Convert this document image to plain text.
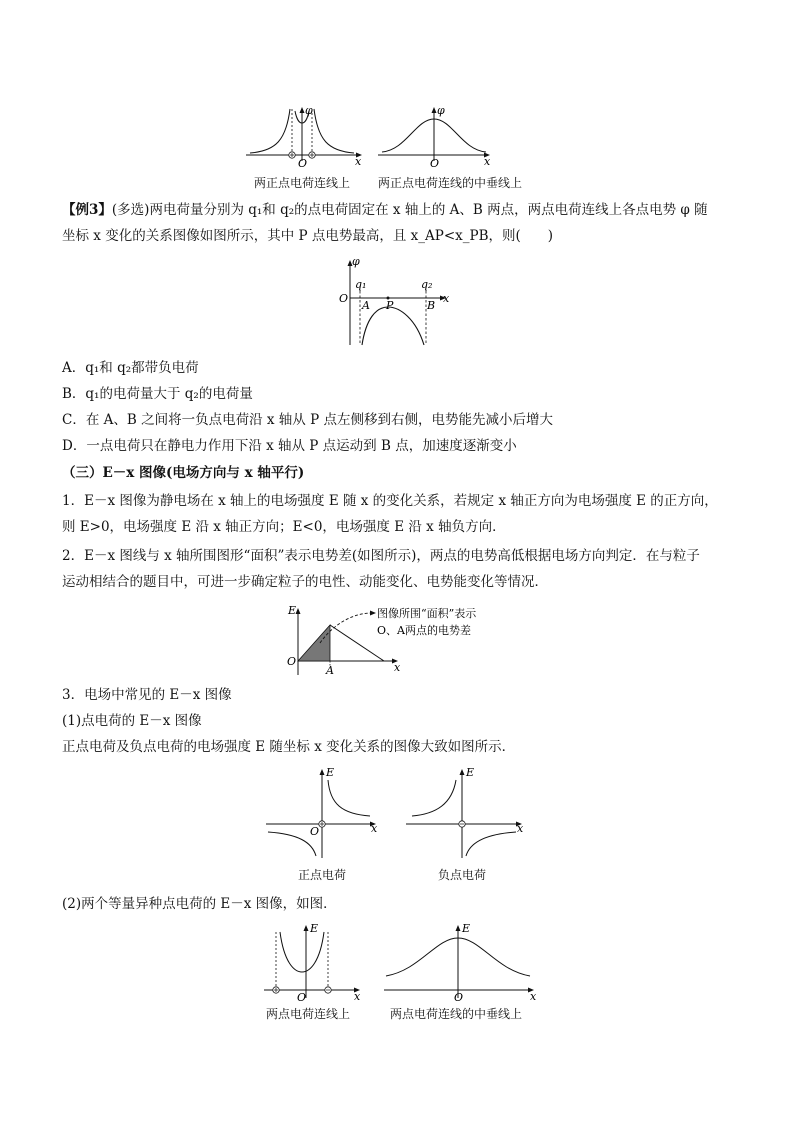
φ
x
O
两正点电荷连线上
φ
x
O
两正点电荷连线的中垂线上
【例3】(多选)两电荷量分别为 q₁和 q₂的点电荷固定在 x 轴上的 A、B 两点，两点电荷连线上各点电势 φ 随
坐标 x 变化的关系图像如图所示，其中 P 点电势最高，且 x_AP<x_PB，则(　　)
φ
x
O
q₁	q₂
A P	B
A．q₁和 q₂都带负电荷
B．q₁的电荷量大于 q₂的电荷量
C．在 A、B 之间将一负点电荷沿 x 轴从 P 点左侧移到右侧，电势能先减小后增大
D．一点电荷只在静电力作用下沿 x 轴从 P 点运动到 B 点，加速度逐渐变小
（三）E－x 图像(电场方向与 x 轴平行)
1．E－x 图像为静电场在 x 轴上的电场强度 E 随 x 的变化关系，若规定 x 轴正方向为电场强度 E 的正方向，
则 E>0，电场强度 E 沿 x 轴正方向；E<0，电场强度 E 沿 x 轴负方向．
2．E－x 图线与 x 轴所围图形“面积”表示电势差(如图所示)，两点的电势高低根据电场方向判定．在与粒子
运动相结合的题目中，可进一步确定粒子的电性、动能变化、电势能变化等情况．
E
x
O
A
图像所围“面积”表示
O、A两点的电势差
3．电场中常见的 E－x 图像
(1)点电荷的 E－x 图像
正点电荷及负点电荷的电场强度 E 随坐标 x 变化关系的图像大致如图所示．
E
x
O
正点电荷
E
x
负点电荷
(2)两个等量异种点电荷的 E－x 图像，如图．
E
x
O
两点电荷连线上
E
x
O
两点电荷连线的中垂线上
